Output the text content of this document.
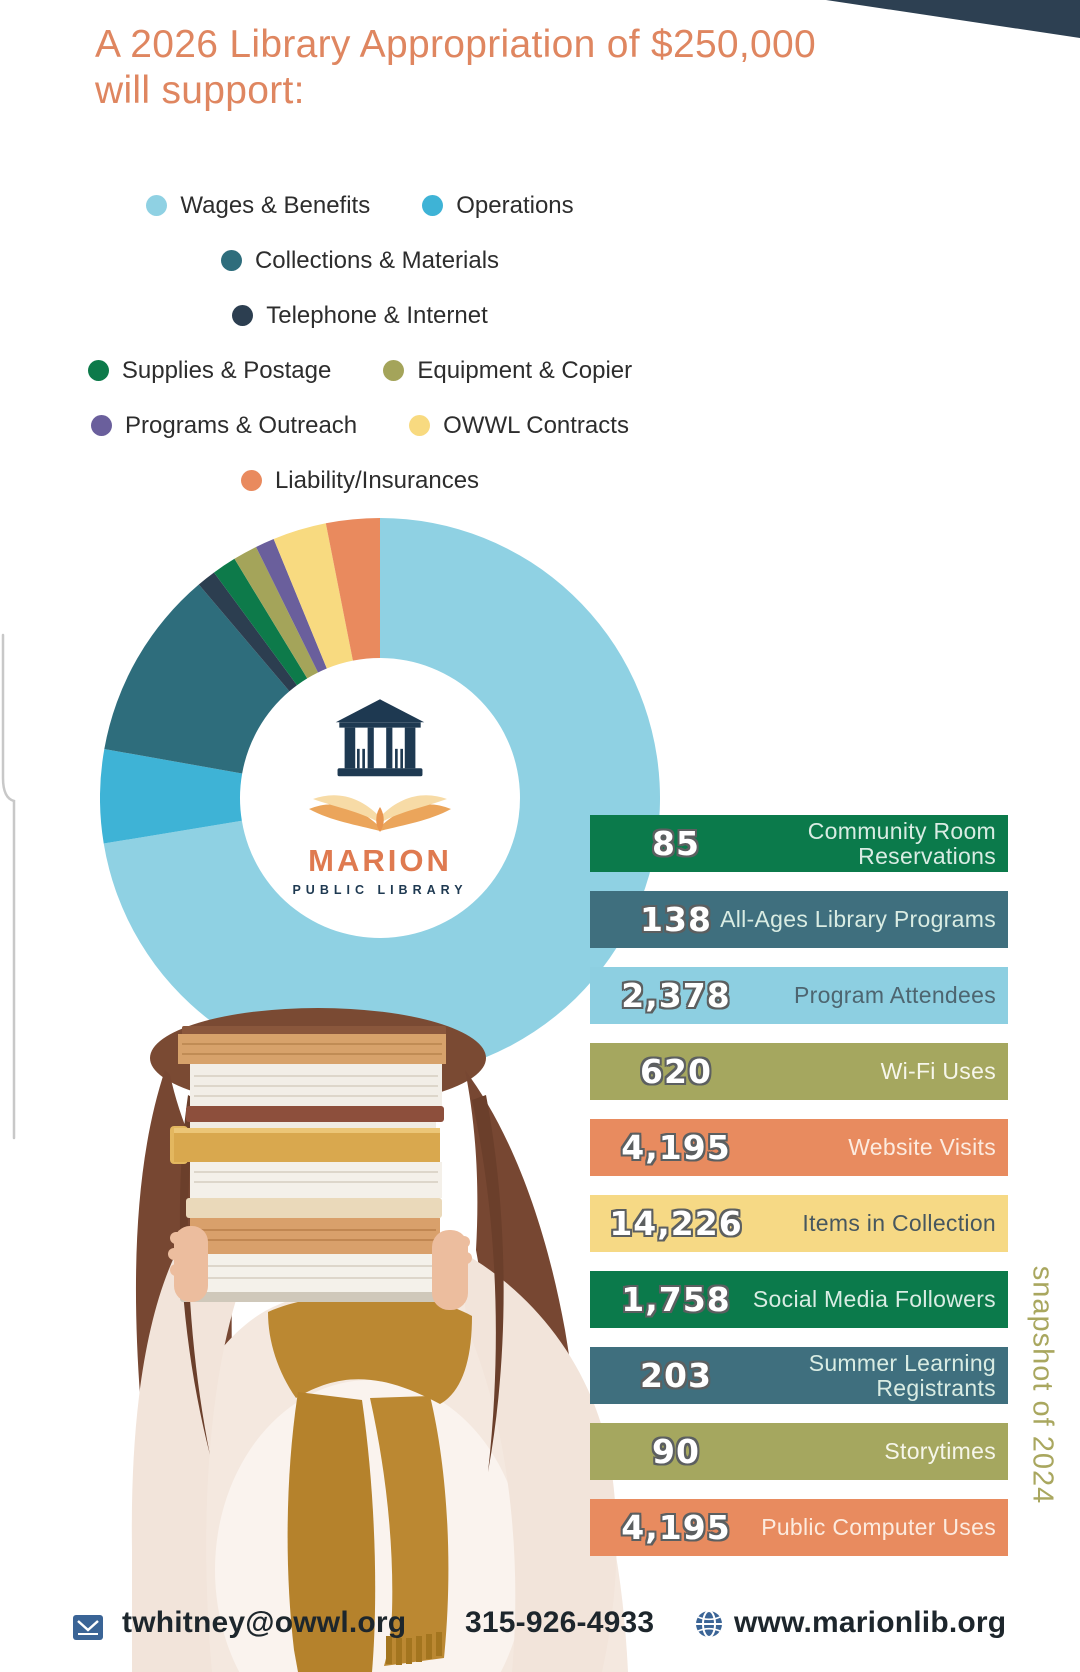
A 2026 Library Appropriation of $250,000
will support:
Wages & Benefits	Operations
Collections & Materials
Telephone & Internet
Supplies & Postage	Equipment & Copier
Programs & Outreach	OWWL Contracts
Liability/Insurances
MARION
PUBLIC LIBRARY
85	Community Room Reservations
138 All-Ages Library Programs
2,378	Program Attendees
620	Wi-Fi Uses
4,195	Website Visits
14,226	Items in Collection
1,758 Social Media Followers
203	Summer Learning Registrants
90	Storytimes
4,195	Public Computer Uses
snapshot of 2024
twhitney@owwl.org 315-926-4933	www.marionlib.org
